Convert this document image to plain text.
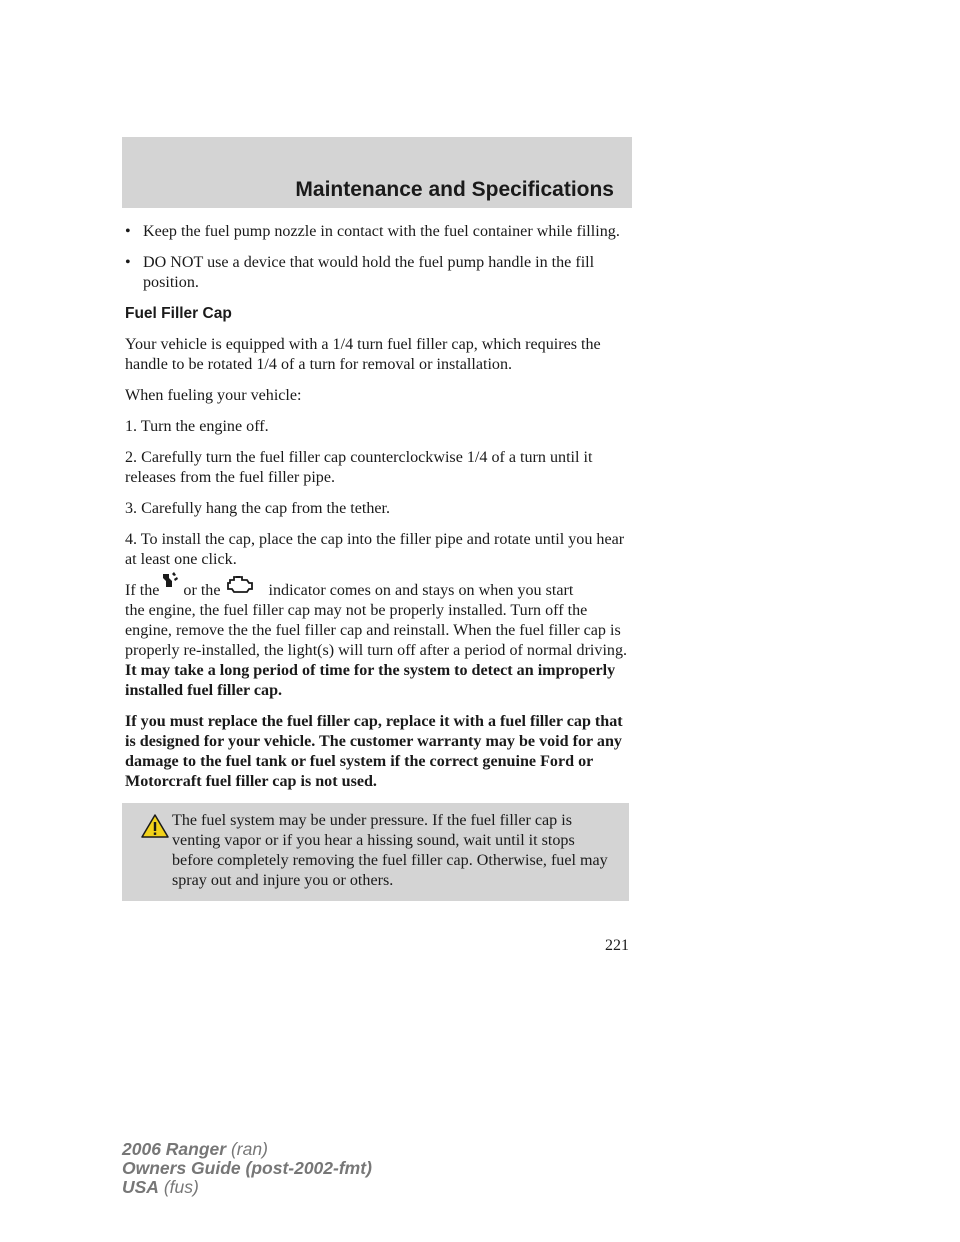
Maintenance and Specifications
• Keep the fuel pump nozzle in contact with the fuel container while filling.
• DO NOT use a device that would hold the fuel pump handle in the fill position.

Fuel Filler Cap

Your vehicle is equipped with a 1/4 turn fuel filler cap, which requires the handle to be rotated 1/4 of a turn for removal or installation.

When fueling your vehicle:

1. Turn the engine off.

2. Carefully turn the fuel filler cap counterclockwise 1/4 of a turn until it releases from the fuel filler pipe.

3. Carefully hang the cap from the tether.

4. To install the cap, place the cap into the filler pipe and rotate until you hear at least one click.

If the or the	indicator comes on and stays on when you start
the engine, the fuel filler cap may not be properly installed. Turn off the engine, remove the the fuel filler cap and reinstall. When the fuel filler cap is properly re-installed, the light(s) will turn off after a period of normal driving. It may take a long period of time for the system to detect an improperly installed fuel filler cap.

If you must replace the fuel filler cap, replace it with a fuel filler cap that is designed for your vehicle. The customer warranty may be void for any damage to the fuel tank or fuel system if the correct genuine Ford or Motorcraft fuel filler cap is not used.

The fuel system may be under pressure. If the fuel filler cap is venting vapor or if you hear a hissing sound, wait until it stops before completely removing the fuel filler cap. Otherwise, fuel may spray out and injure you or others.
221
2006 Ranger (ran)
Owners Guide (post-2002-fmt)
USA (fus)
